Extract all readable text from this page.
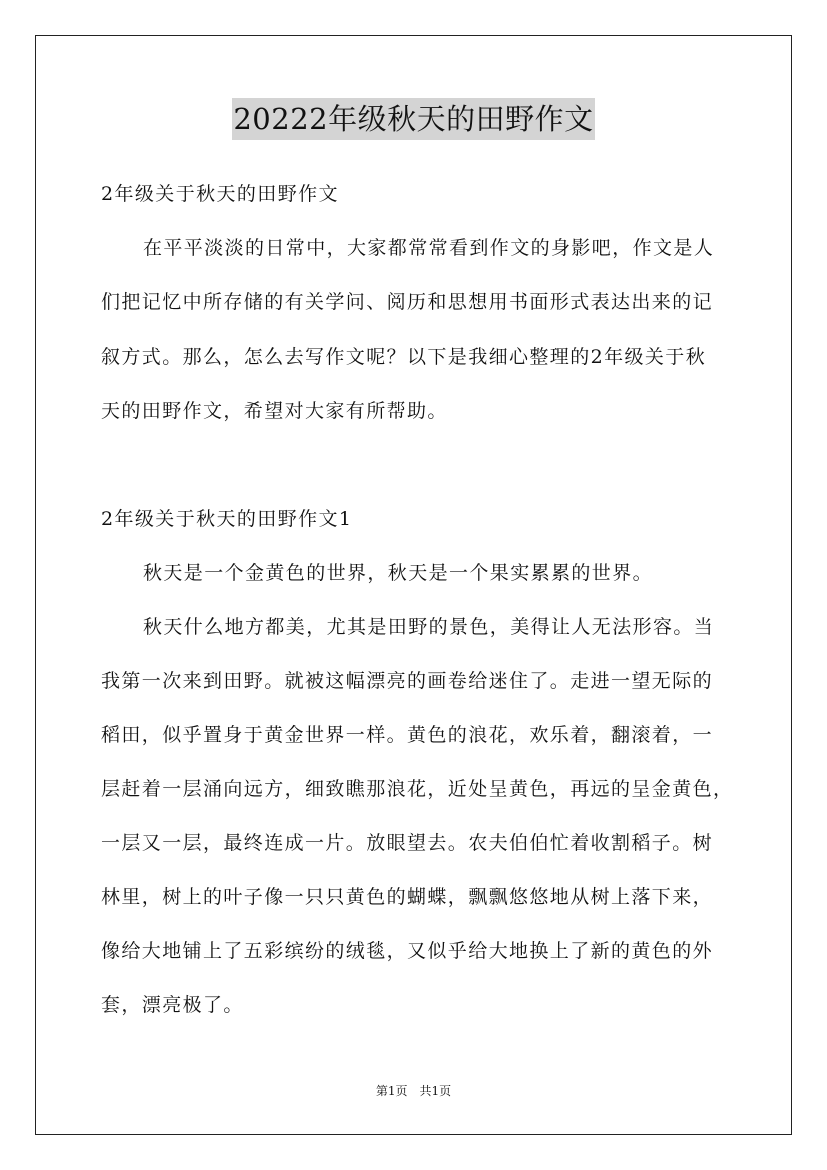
20222年级秋天的田野作文
2年级关于秋天的田野作文
在平平淡淡的日常中，大家都常常看到作文的身影吧，作文是人
们把记忆中所存储的有关学问、阅历和思想用书面形式表达出来的记
叙方式。那么，怎么去写作文呢？以下是我细心整理的2年级关于秋
天的田野作文，希望对大家有所帮助。
2年级关于秋天的田野作文1
秋天是一个金黄色的世界，秋天是一个果实累累的世界。
秋天什么地方都美，尤其是田野的景色，美得让人无法形容。当
我第一次来到田野。就被这幅漂亮的画卷给迷住了。走进一望无际的
稻田，似乎置身于黄金世界一样。黄色的浪花，欢乐着，翻滚着，一
层赶着一层涌向远方，细致瞧那浪花，近处呈黄色，再远的呈金黄色，
一层又一层，最终连成一片。放眼望去。农夫伯伯忙着收割稻子。树
林里，树上的叶子像一只只黄色的蝴蝶，飘飘悠悠地从树上落下来，
像给大地铺上了五彩缤纷的绒毯，又似乎给大地换上了新的黄色的外
套，漂亮极了。
第1页　共1页
